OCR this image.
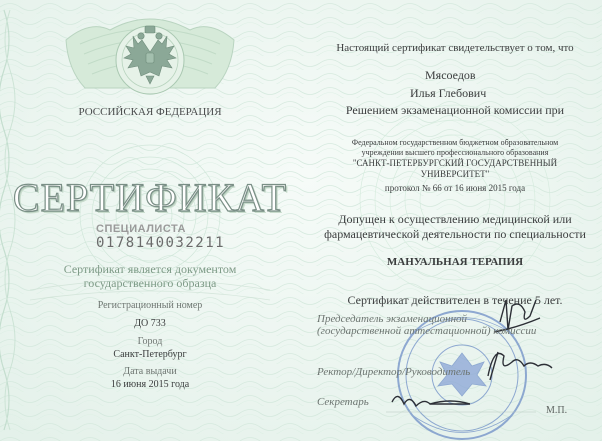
РОССИЙСКАЯ ФЕДЕРАЦИЯ
СЕРТИФИКАТ
СПЕЦИАЛИСТА
0178140032211
Сертификат является документом
государственного образца
Регистрационный номер
ДО 733
Город
Санкт-Петербург
Дата выдачи
16 июня 2015 года
Настоящий сертификат свидетельствует о том, что
Мясоедов
Илья Глебович
Решением экзаменационной комиссии при
Федеральном государственном бюджетном образовательном
учреждении высшего профессионального образования
"САНКТ-ПЕТЕРБУРГСКИЙ ГОСУДАРСТВЕННЫЙ
УНИВЕРСИТЕТ"
протокол № 66 от 16 июня 2015 года
Допущен к осуществлению медицинской или
фармацевтической деятельности по специальности
МАНУАЛЬНАЯ ТЕРАПИЯ
Сертификат действителен в течение 5 лет.
Председатель экзаменационной
(государственной аттестационной) комиссии
Ректор/Директор/Руководитель
Секретарь
М.П.
